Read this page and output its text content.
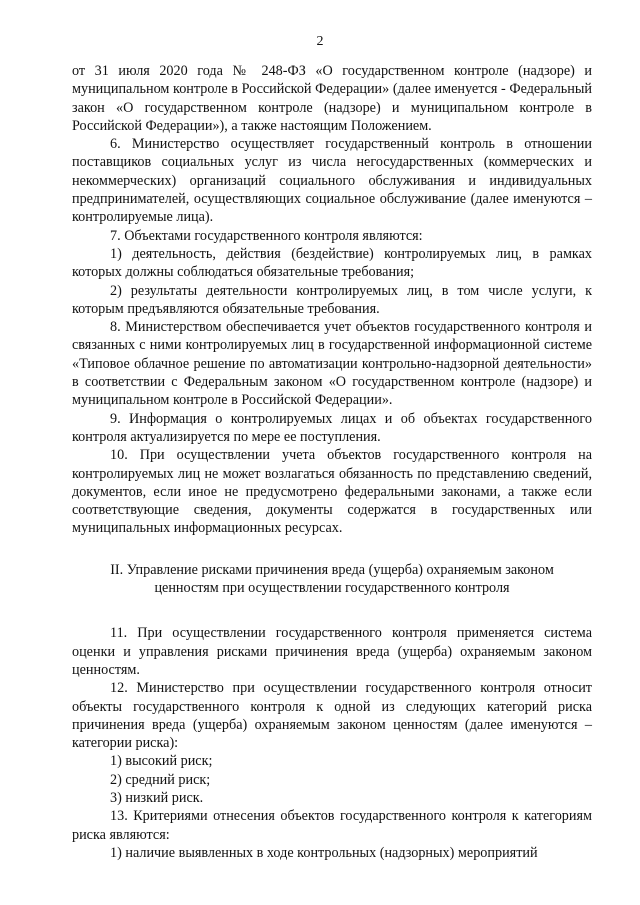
2

от 31 июля 2020 года № 248-ФЗ «О государственном контроле (надзоре) и муниципальном контроле в Российской Федерации» (далее именуется - Федеральный закон «О государственном контроле (надзоре) и муниципальном контроле в Российской Федерации»), а также настоящим Положением.

6. Министерство осуществляет государственный контроль в отношении поставщиков социальных услуг из числа негосударственных (коммерческих и некоммерческих) организаций социального обслуживания и индивидуальных предпринимателей, осуществляющих социальное обслуживание (далее именуются – контролируемые лица).

7. Объектами государственного контроля являются:

1) деятельность, действия (бездействие) контролируемых лиц, в рамках которых должны соблюдаться обязательные требования;

2) результаты деятельности контролируемых лиц, в том числе услуги, к которым предъявляются обязательные требования.

8. Министерством обеспечивается учет объектов государственного контроля и связанных с ними контролируемых лиц в государственной информационной системе «Типовое облачное решение по автоматизации контрольно-надзорной деятельности» в соответствии с Федеральным законом «О государственном контроле (надзоре) и муниципальном контроле в Российской Федерации».

9. Информация о контролируемых лицах и об объектах государственного контроля актуализируется по мере ее поступления.

10. При осуществлении учета объектов государственного контроля на контролируемых лиц не может возлагаться обязанность по представлению сведений, документов, если иное не предусмотрено федеральными законами, а также если соответствующие сведения, документы содержатся в государственных или муниципальных информационных ресурсах.

II. Управление рисками причинения вреда (ущерба) охраняемым законом
ценностям при осуществлении государственного контроля

11. При осуществлении государственного контроля применяется система оценки и управления рисками причинения вреда (ущерба) охраняемым законом ценностям.

12. Министерство при осуществлении государственного контроля относит объекты государственного контроля к одной из следующих категорий риска причинения вреда (ущерба) охраняемым законом ценностям (далее именуются – категории риска):

1) высокий риск;

2) средний риск;

3) низкий риск.

13. Критериями отнесения объектов государственного контроля к категориям риска являются:

1) наличие выявленных в ходе контрольных (надзорных) мероприятий
